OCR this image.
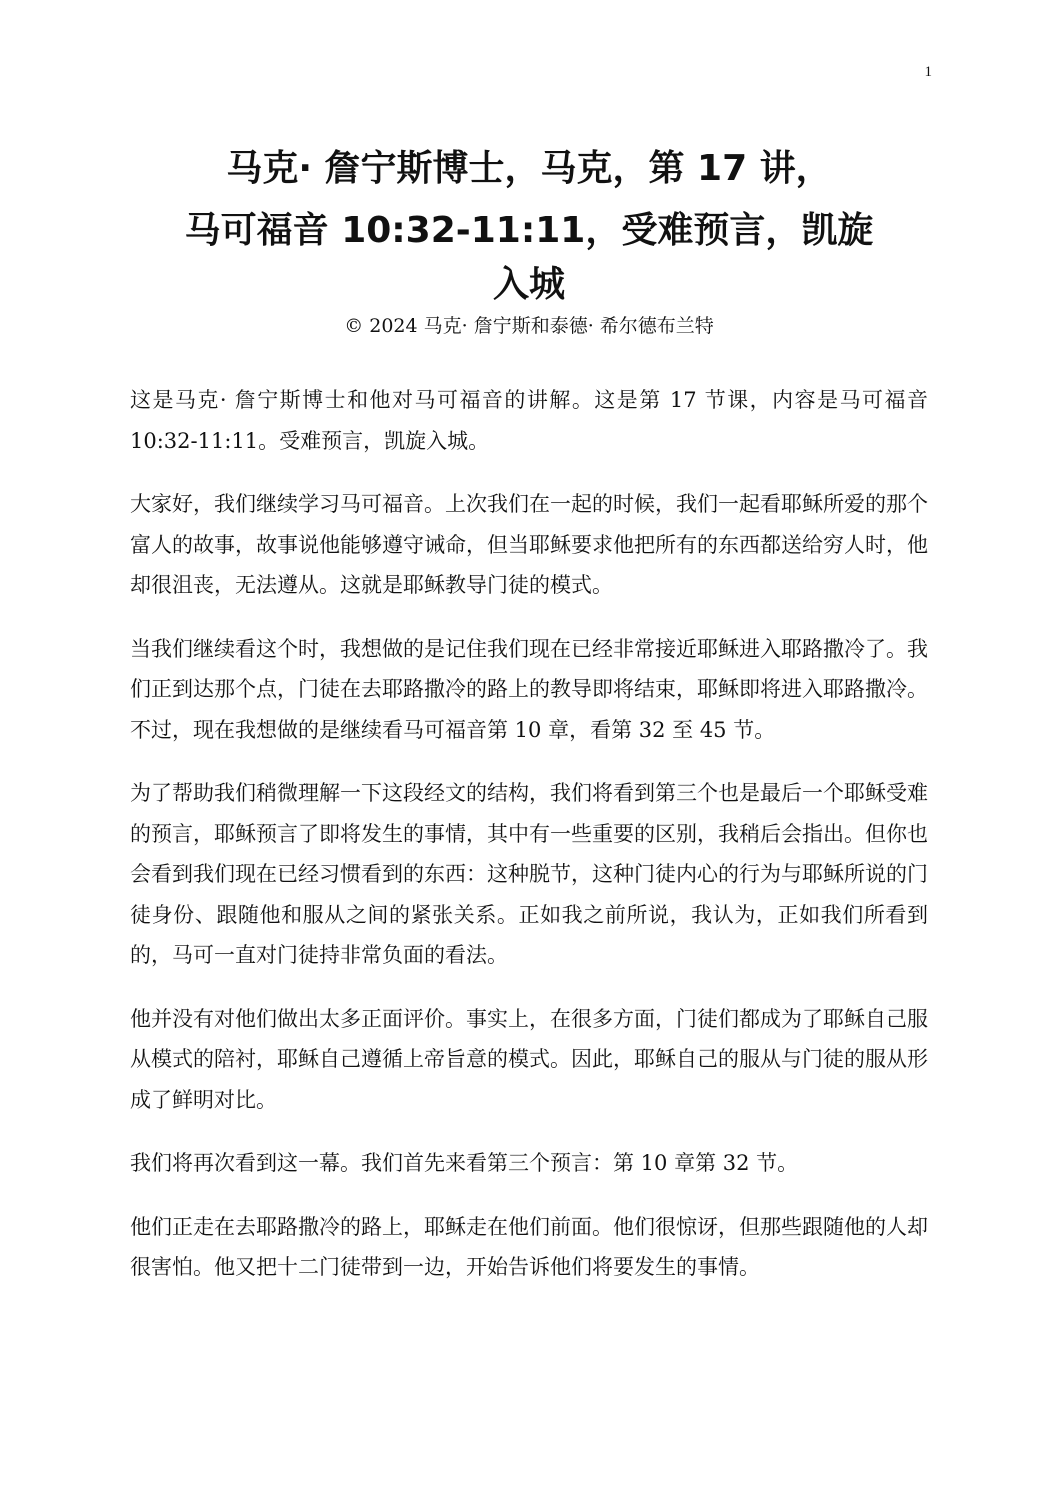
1
马克· 詹宁斯博士，马克，第 17 讲，
马可福音 10:32-11:11，受难预言，凯旋
入城
© 2024 马克· 詹宁斯和泰德· 希尔德布兰特

这是马克· 詹宁斯博士和他对马可福音的讲解。这是第 17 节课，内容是马可福音 10:32-11:11。受难预言，凯旋入城。

大家好，我们继续学习马可福音。上次我们在一起的时候，我们一起看耶稣所爱的那个富人的故事，故事说他能够遵守诫命，但当耶稣要求他把所有的东西都送给穷人时，他却很沮丧，无法遵从。这就是耶稣教导门徒的模式。

当我们继续看这个时，我想做的是记住我们现在已经非常接近耶稣进入耶路撒冷了。我们正到达那个点，门徒在去耶路撒冷的路上的教导即将结束，耶稣即将进入耶路撒冷。不过，现在我想做的是继续看马可福音第 10 章，看第 32 至 45 节。

为了帮助我们稍微理解一下这段经文的结构，我们将看到第三个也是最后一个耶稣受难的预言，耶稣预言了即将发生的事情，其中有一些重要的区别，我稍后会指出。但你也会看到我们现在已经习惯看到的东西：这种脱节，这种门徒内心的行为与耶稣所说的门徒身份、跟随他和服从之间的紧张关系。正如我之前所说，我认为，正如我们所看到的，马可一直对门徒持非常负面的看法。

他并没有对他们做出太多正面评价。事实上，在很多方面，门徒们都成为了耶稣自己服从模式的陪衬，耶稣自己遵循上帝旨意的模式。因此，耶稣自己的服从与门徒的服从形成了鲜明对比。

我们将再次看到这一幕。我们首先来看第三个预言：第 10 章第 32 节。

他们正走在去耶路撒冷的路上，耶稣走在他们前面。他们很惊讶，但那些跟随他的人却很害怕。他又把十二门徒带到一边，开始告诉他们将要发生的事情。
